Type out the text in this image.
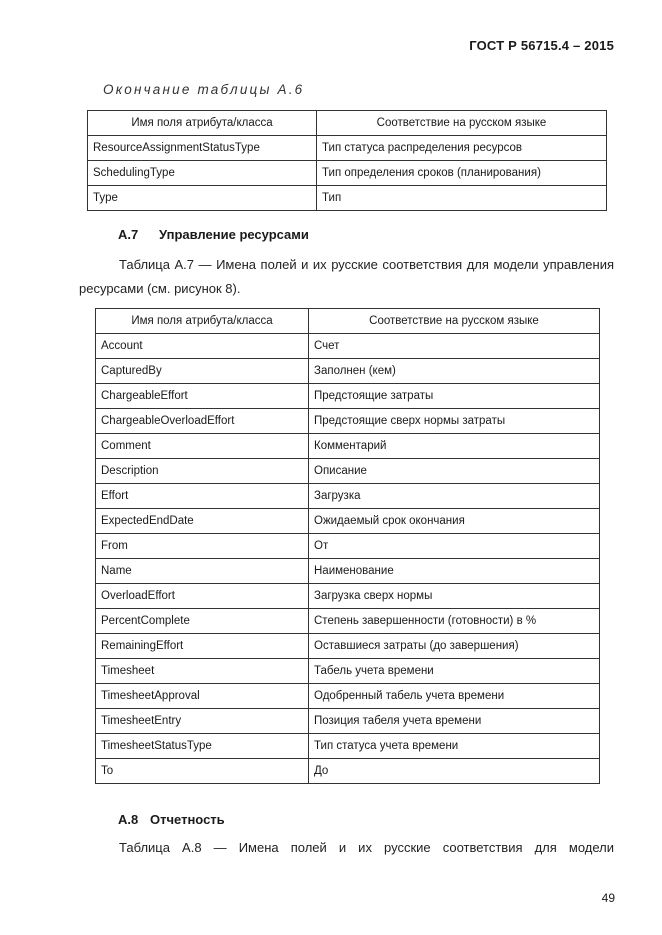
ГОСТ Р 56715.4 – 2015
Окончание таблицы А.6
Имя поля атрибута/класса	Соответствие на русском языке
ResourceAssignmentStatusType	Тип статуса распределения ресурсов
SchedulingType	Тип определения сроков (планирования)
Type	Тип
А.7 Управление ресурсами
Таблица А.7 — Имена полей и их русские соответствия для модели управления ресурсами (см. рисунок 8).
Имя поля атрибута/класса	Соответствие на русском языке
Account	Счет
CapturedBy	Заполнен (кем)
ChargeableEffort	Предстоящие затраты
ChargeableOverloadEffort	Предстоящие сверх нормы затраты
Comment	Комментарий
Description	Описание
Effort	Загрузка
ExpectedEndDate	Ожидаемый срок окончания
From	От
Name	Наименование
OverloadEffort	Загрузка сверх нормы
PercentComplete	Степень завершенности (готовности) в %
RemainingEffort	Оставшиеся затраты (до завершения)
Timesheet	Табель учета времени
TimesheetApproval	Одобренный табель учета времени
TimesheetEntry	Позиция табеля учета времени
TimesheetStatusType	Тип статуса учета времени
To	До
А.8 Отчетность
Таблица А.8 — Имена полей и их русские соответствия для модели
49
